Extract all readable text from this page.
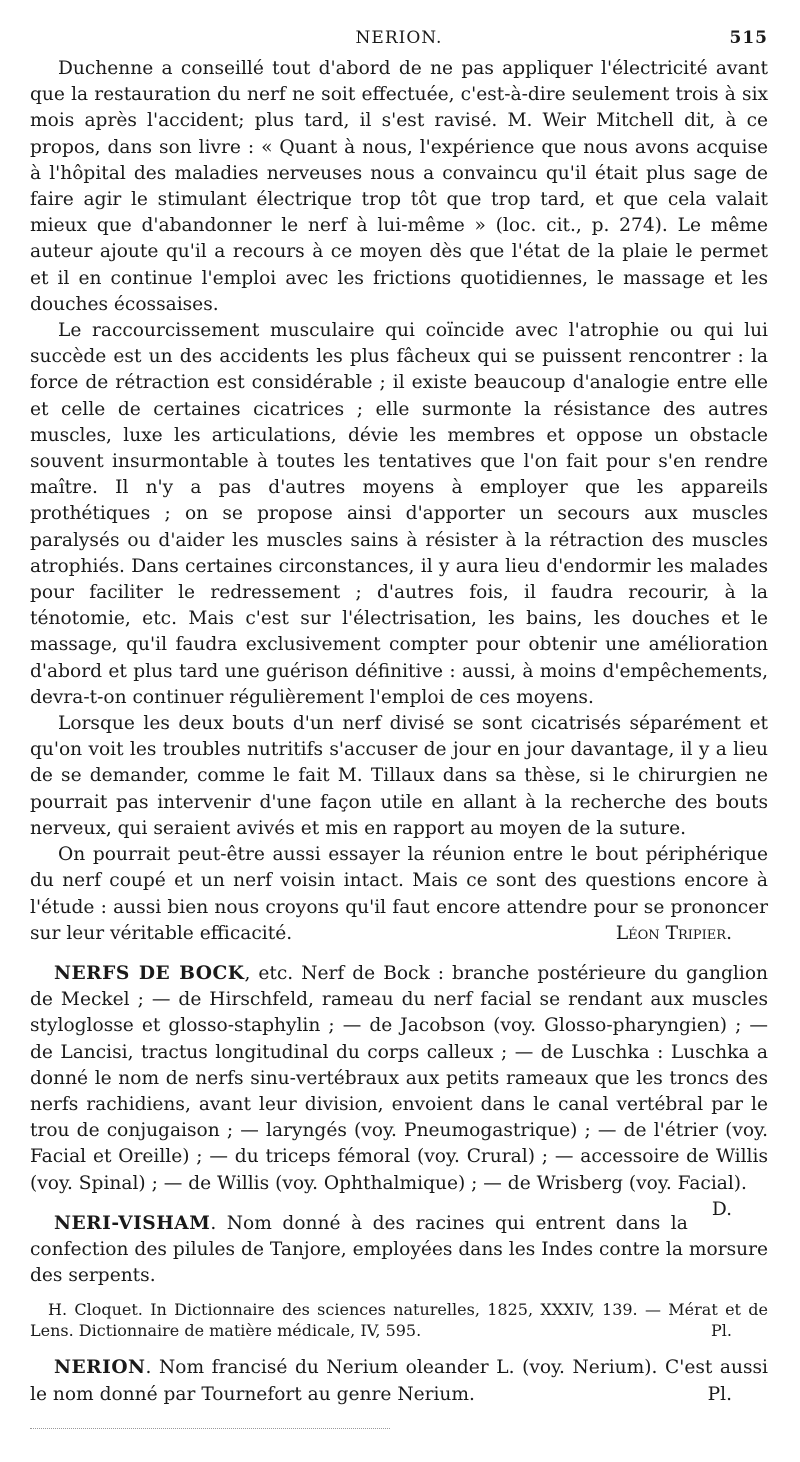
NERION.	515

Duchenne a conseillé tout d'abord de ne pas appliquer l'électricité avant que la restauration du nerf ne soit effectuée, c'est-à-dire seulement trois à six mois après l'accident; plus tard, il s'est ravisé. M. Weir Mitchell dit, à ce propos, dans son livre : « Quant à nous, l'expérience que nous avons acquise à l'hôpital des maladies nerveuses nous a convaincu qu'il était plus sage de faire agir le stimulant électrique trop tôt que trop tard, et que cela valait mieux que d'abandonner le nerf à lui-même » (loc. cit., p. 274). Le même auteur ajoute qu'il a recours à ce moyen dès que l'état de la plaie le permet et il en continue l'emploi avec les frictions quotidiennes, le massage et les douches écossaises.

Le raccourcissement musculaire qui coïncide avec l'atrophie ou qui lui succède est un des accidents les plus fâcheux qui se puissent rencontrer : la force de rétraction est considérable ; il existe beaucoup d'analogie entre elle et celle de certaines cicatrices ; elle surmonte la résistance des autres muscles, luxe les articulations, dévie les membres et oppose un obstacle souvent insurmontable à toutes les tentatives que l'on fait pour s'en rendre maître. Il n'y a pas d'autres moyens à employer que les appareils prothétiques ; on se propose ainsi d'apporter un secours aux muscles paralysés ou d'aider les muscles sains à résister à la rétraction des muscles atrophiés. Dans certaines circonstances, il y aura lieu d'endormir les malades pour faciliter le redressement ; d'autres fois, il faudra recourir, à la ténotomie, etc. Mais c'est sur l'électrisation, les bains, les douches et le massage, qu'il faudra exclusivement compter pour obtenir une amélioration d'abord et plus tard une guérison définitive : aussi, à moins d'empêchements, devra-t-on continuer régulièrement l'emploi de ces moyens.

Lorsque les deux bouts d'un nerf divisé se sont cicatrisés séparément et qu'on voit les troubles nutritifs s'accuser de jour en jour davantage, il y a lieu de se demander, comme le fait M. Tillaux dans sa thèse, si le chirurgien ne pourrait pas intervenir d'une façon utile en allant à la recherche des bouts nerveux, qui seraient avivés et mis en rapport au moyen de la suture.

On pourrait peut-être aussi essayer la réunion entre le bout périphérique du nerf coupé et un nerf voisin intact. Mais ce sont des questions encore à l'étude : aussi bien nous croyons qu'il faut encore attendre pour se prononcer sur leur véritable efficacité.	Léon Tripier.

NERFS DE BOCK, etc. Nerf de Bock : branche postérieure du ganglion de Meckel ; — de Hirschfeld, rameau du nerf facial se rendant aux muscles styloglosse et glosso-staphylin ; — de Jacobson (voy. Glosso-pharyngien) ; — de Lancisi, tractus longitudinal du corps calleux ; — de Luschka : Luschka a donné le nom de nerfs sinu-vertébraux aux petits rameaux que les troncs des nerfs rachidiens, avant leur division, envoient dans le canal vertébral par le trou de conjugaison ; — laryngés (voy. Pneumogastrique) ; — de l'étrier (voy. Facial et Oreille) ; — du triceps fémoral (voy. Crural) ; — accessoire de Willis (voy. Spinal) ; — de Willis (voy. Ophthalmique) ; — de Wrisberg (voy. Facial).
D.

NERI-VISHAM. Nom donné à des racines qui entrent dans la confection des pilules de Tanjore, employées dans les Indes contre la morsure des serpents.

H. Cloquet. In Dictionnaire des sciences naturelles, 1825, XXXIV, 139. — Mérat et de Lens. Dictionnaire de matière médicale, IV, 595.	Pl.

NERION. Nom francisé du Nerium oleander L. (voy. Nerium). C'est aussi le nom donné par Tournefort au genre Nerium.	Pl.
